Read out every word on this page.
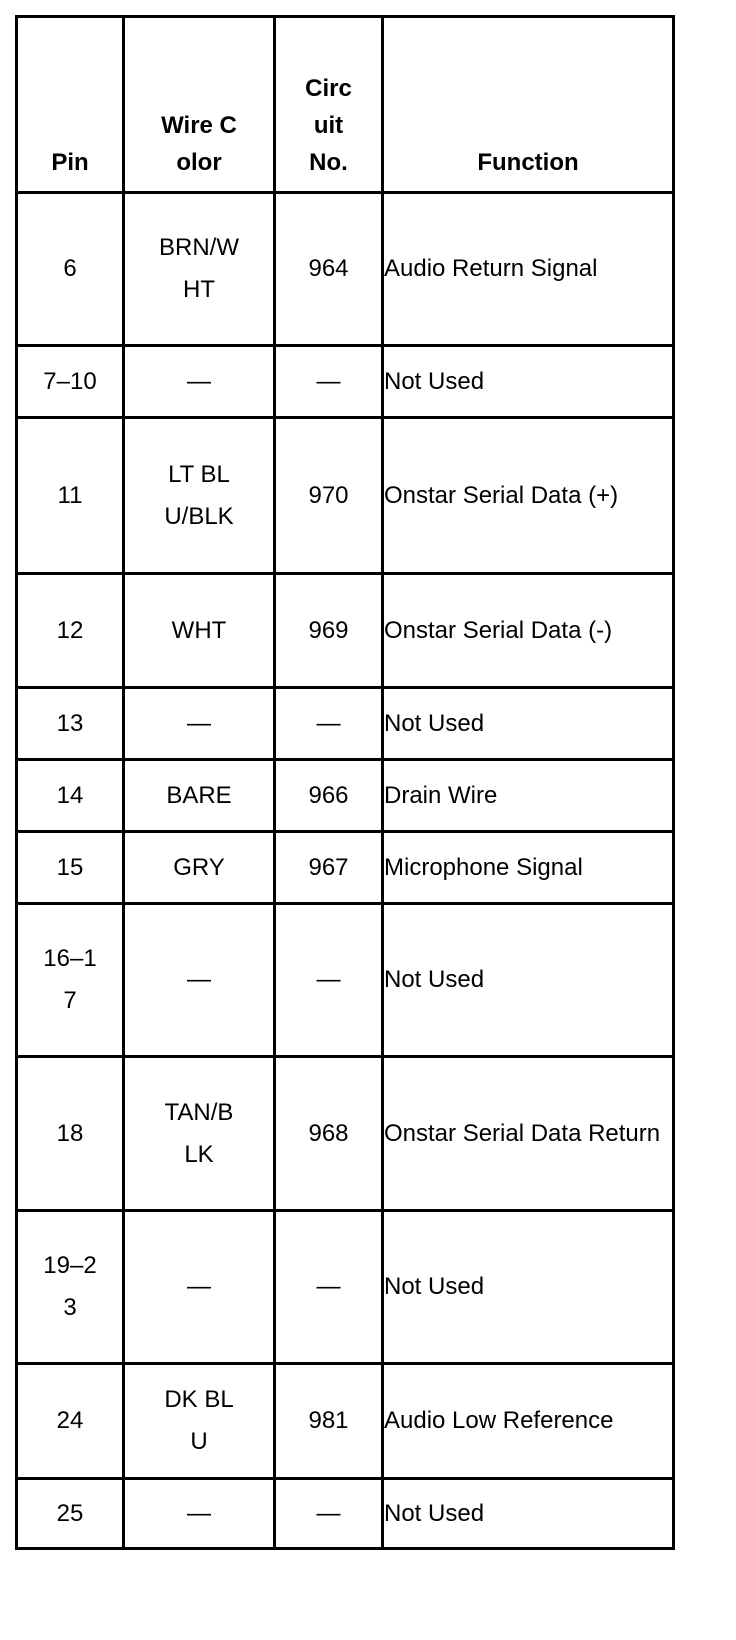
Pin	Wire Color	Circuit No.	Function

6	BRN/WHT	964	Audio Return Signal

7–10	—	—	Not Used

11	LT BLU/BLK	970	Onstar Serial Data (+)

12	WHT	969	Onstar Serial Data (-)

13	—	—	Not Used

14	BARE	966	Drain Wire

15	GRY	967	Microphone Signal

16–17	—	—	Not Used

18	TAN/BLK	968	Onstar Serial Data Return

19–23	—	—	Not Used

24	DK BLU	981	Audio Low Reference

25	—	—	Not Used
